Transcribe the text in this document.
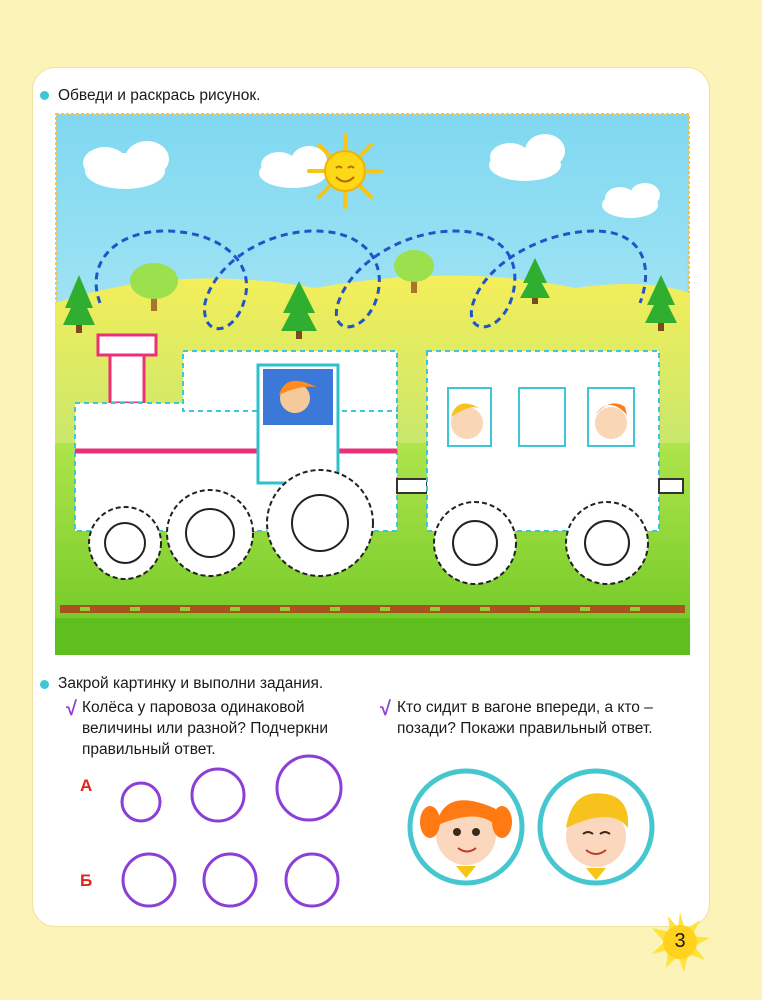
Обведи и раскрась рисунок.
Закрой картинку и выполни задания.
√ Колёса у паровоза одинаковой
величины или разной? Подчеркни
правильный ответ.
√ Кто сидит в вагоне впереди, а кто –
позади? Покажи правильный ответ.
А
Б
3
